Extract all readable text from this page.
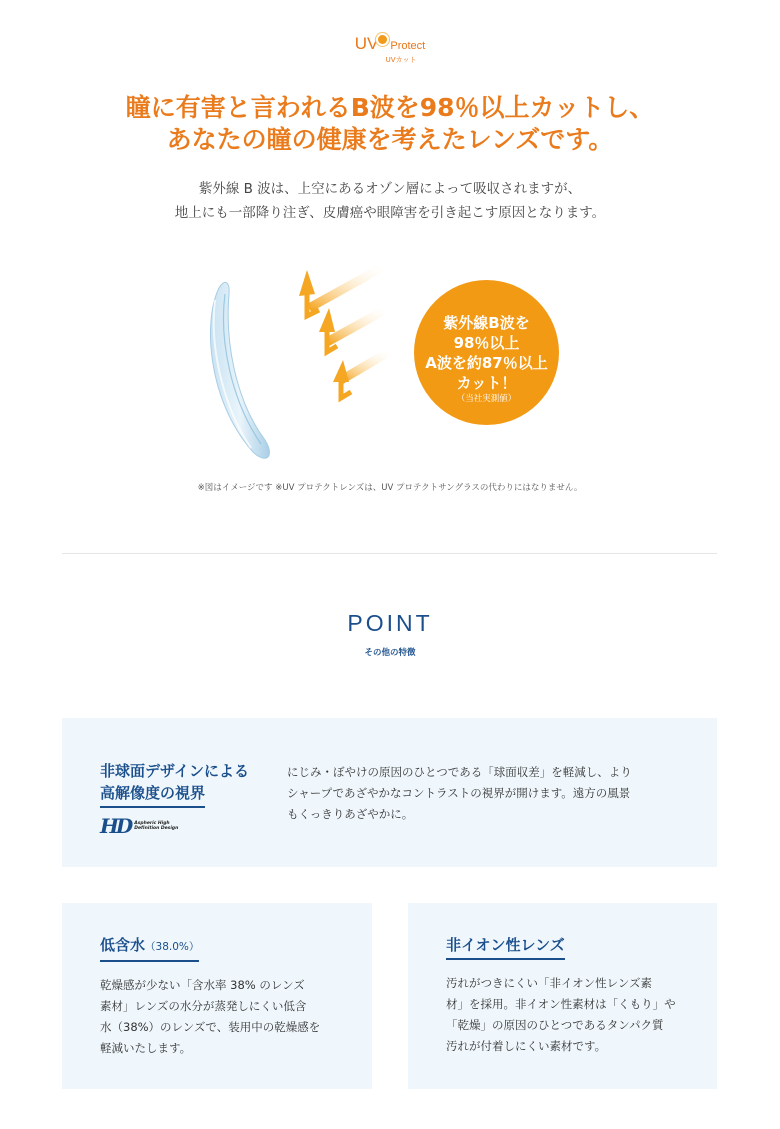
UV Protect
UVカット
瞳に有害と言われるB波を98％以上カットし、
あなたの瞳の健康を考えたレンズです。
紫外線 B 波は、上空にあるオゾン層によって吸収されますが、
地上にも一部降り注ぎ、皮膚癌や眼障害を引き起こす原因となります。
紫外線B波を
98％以上
A波を約87％以上
カット！
（当社実測値）
※図はイメージです ※UV プロテクトレンズは、UV プロテクトサングラスの代わりにはなりません。
POINT
その他の特徴
非球面デザインによる
高解像度の視界
HD Aspheric High
Definition Design
にじみ・ぼやけの原因のひとつである「球面収差」を軽減し、より
シャープであざやかなコントラストの視界が開けます。遠方の風景
もくっきりあざやかに。
低含水（38.0%）
乾燥感が少ない「含水率 38% のレンズ
素材」レンズの水分が蒸発しにくい低含
水（38%）のレンズで、装用中の乾燥感を
軽減いたします。
非イオン性レンズ
汚れがつきにくい「非イオン性レンズ素
材」を採用。非イオン性素材は「くもり」や
「乾燥」の原因のひとつであるタンパク質
汚れが付着しにくい素材です。
